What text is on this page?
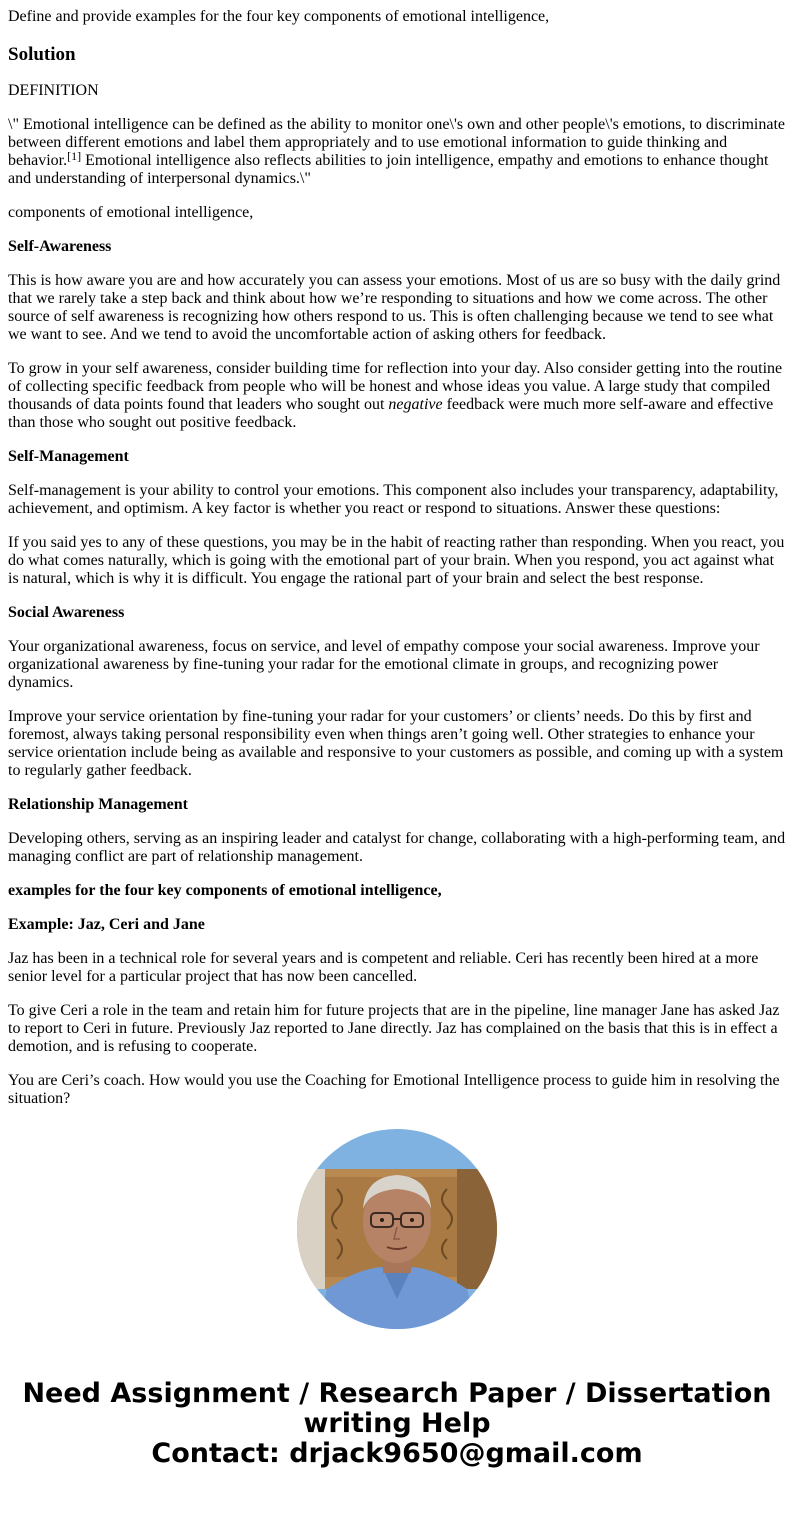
Define and provide examples for the four key components of emotional intelligence,

Solution

DEFINITION

\" Emotional intelligence can be defined as the ability to monitor one\'s own and other people\'s emotions, to discriminate between different emotions and label them appropriately and to use emotional information to guide thinking and behavior.[1] Emotional intelligence also reflects abilities to join intelligence, empathy and emotions to enhance thought and understanding of interpersonal dynamics.\"

components of emotional intelligence,

Self-Awareness

This is how aware you are and how accurately you can assess your emotions. Most of us are so busy with the daily grind that we rarely take a step back and think about how we’re responding to situations and how we come across. The other source of self awareness is recognizing how others respond to us. This is often challenging because we tend to see what we want to see. And we tend to avoid the uncomfortable action of asking others for feedback.

To grow in your self awareness, consider building time for reflection into your day. Also consider getting into the routine of collecting specific feedback from people who will be honest and whose ideas you value. A large study that compiled thousands of data points found that leaders who sought out negative feedback were much more self-aware and effective than those who sought out positive feedback.

Self-Management

Self-management is your ability to control your emotions. This component also includes your transparency, adaptability, achievement, and optimism. A key factor is whether you react or respond to situations. Answer these questions:

If you said yes to any of these questions, you may be in the habit of reacting rather than responding. When you react, you do what comes naturally, which is going with the emotional part of your brain. When you respond, you act against what is natural, which is why it is difficult. You engage the rational part of your brain and select the best response.

Social Awareness

Your organizational awareness, focus on service, and level of empathy compose your social awareness. Improve your organizational awareness by fine-tuning your radar for the emotional climate in groups, and recognizing power dynamics.

Improve your service orientation by fine-tuning your radar for your customers’ or clients’ needs. Do this by first and foremost, always taking personal responsibility even when things aren’t going well. Other strategies to enhance your service orientation include being as available and responsive to your customers as possible, and coming up with a system to regularly gather feedback.

Relationship Management

Developing others, serving as an inspiring leader and catalyst for change, collaborating with a high-performing team, and managing conflict are part of relationship management.

examples for the four key components of emotional intelligence,

Example: Jaz, Ceri and Jane

Jaz has been in a technical role for several years and is competent and reliable. Ceri has recently been hired at a more senior level for a particular project that has now been cancelled.

To give Ceri a role in the team and retain him for future projects that are in the pipeline, line manager Jane has asked Jaz to report to Ceri in future. Previously Jaz reported to Jane directly. Jaz has complained on the basis that this is in effect a demotion, and is refusing to cooperate.

You are Ceri’s coach. How would you use the Coaching for Emotional Intelligence process to guide him in resolving the situation?

Need Assignment / Research Paper / Dissertation
writing Help
Contact: drjack9650@gmail.com
